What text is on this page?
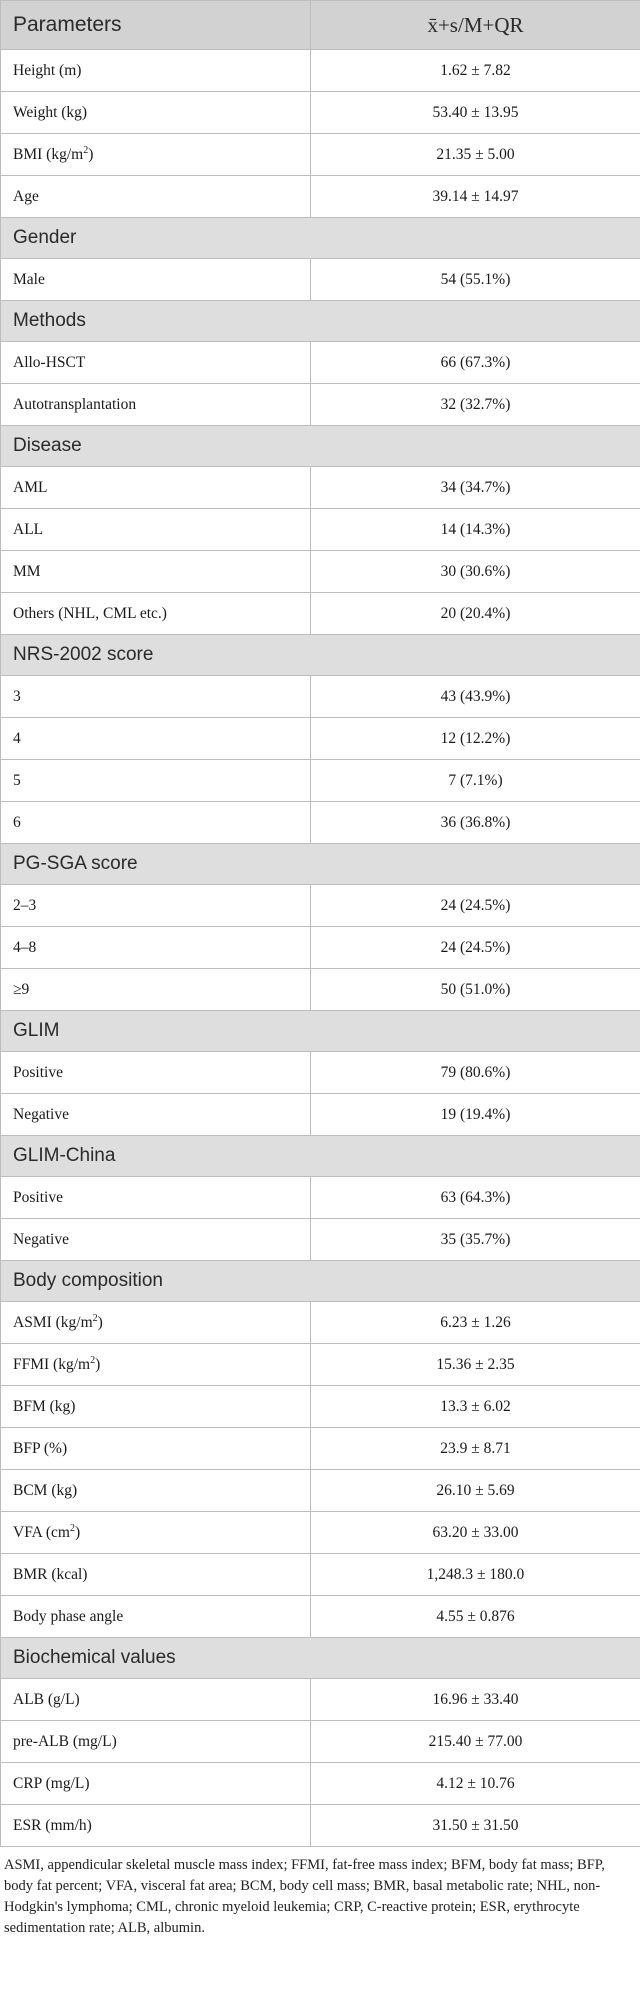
Parameters	x̄+s/M+QR
Height (m)	1.62 ± 7.82
Weight (kg)	53.40 ± 13.95
BMI $(kg/m^2)$	21.35 ± 5.00
Age	39.14 ± 14.97
Gender	
Male	54 (55.1%)
Methods	
Allo-HSCT	66 (67.3%)
Autotransplantation	32 (32.7%)
Disease	
AML	34 (34.7%)
ALL	14 (14.3%)
MM	30 (30.6%)
Others (NHL, CML etc.)	20 (20.4%)
NRS-2002 score	
3	43 (43.9%)
4	12 (12.2%)
5	7 (7.1%)
6	36 (36.8%)
PG-SGA score	
2–3	24 (24.5%)
4–8	24 (24.5%)
≥9	50 (51.0%)
GLIM	
Positive	79 (80.6%)
Negative	19 (19.4%)
GLIM-China	
Positive	63 (64.3%)
Negative	35 (35.7%)
Body composition	
ASMI $(kg/m^2)$	6.23 ± 1.26
FFMI $(kg/m^2)$	15.36 ± 2.35
BFM (kg)	13.3 ± 6.02
BFP (%)	23.9 ± 8.71
BCM (kg)	26.10 ± 5.69
VFA $(cm^2)$	63.20 ± 33.00
BMR (kcal)	1,248.3 ± 180.0
Body phase angle	4.55 ± 0.876
Biochemical values	
ALB (g/L)	16.96 ± 33.40
pre-ALB (mg/L)	215.40 ± 77.00
CRP (mg/L)	4.12 ± 10.76
ESR (mm/h)	31.50 ± 31.50
ASMI, appendicular skeletal muscle mass index; FFMI, fat-free mass index; BFM, body fat mass; BFP, body fat percent; VFA, visceral fat area; BCM, body cell mass; BMR, basal metabolic rate; NHL, non-Hodgkin's lymphoma; CML, chronic myeloid leukemia; CRP, C-reactive protein; ESR, erythrocyte sedimentation rate; ALB, albumin.
